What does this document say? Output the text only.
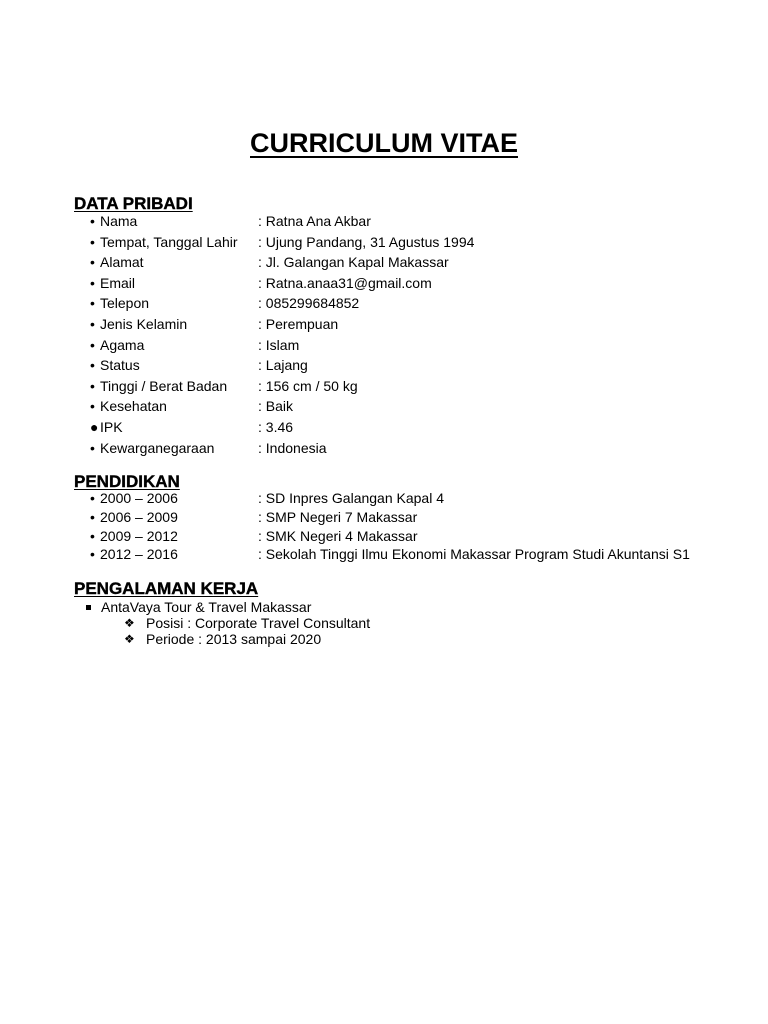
CURRICULUM VITAE
DATA PRIBADI
• Nama	: Ratna Ana Akbar
• Tempat, Tanggal Lahir : Ujung Pandang, 31 Agustus 1994
• Alamat	: Jl. Galangan Kapal Makassar
• Email	: Ratna.anaa31@gmail.com
• Telepon	: 085299684852
• Jenis Kelamin	: Perempuan
• Agama	: Islam
• Status	: Lajang
• Tinggi / Berat Badan : 156 cm / 50 kg
• Kesehatan	: Baik
● IPK	: 3.46
• Kewarganegaraan	: Indonesia
PENDIDIKAN
• 2000 – 2006	: SD Inpres Galangan Kapal 4
• 2006 – 2009	: SMP Negeri 7 Makassar
• 2009 – 2012	: SMK Negeri 4 Makassar
• 2012 – 2016	: Sekolah Tinggi Ilmu Ekonomi Makassar Program Studi Akuntansi S1
PENGALAMAN KERJA
AntaVaya Tour & Travel Makassar
❖ Posisi : Corporate Travel Consultant
❖ Periode : 2013 sampai 2020
